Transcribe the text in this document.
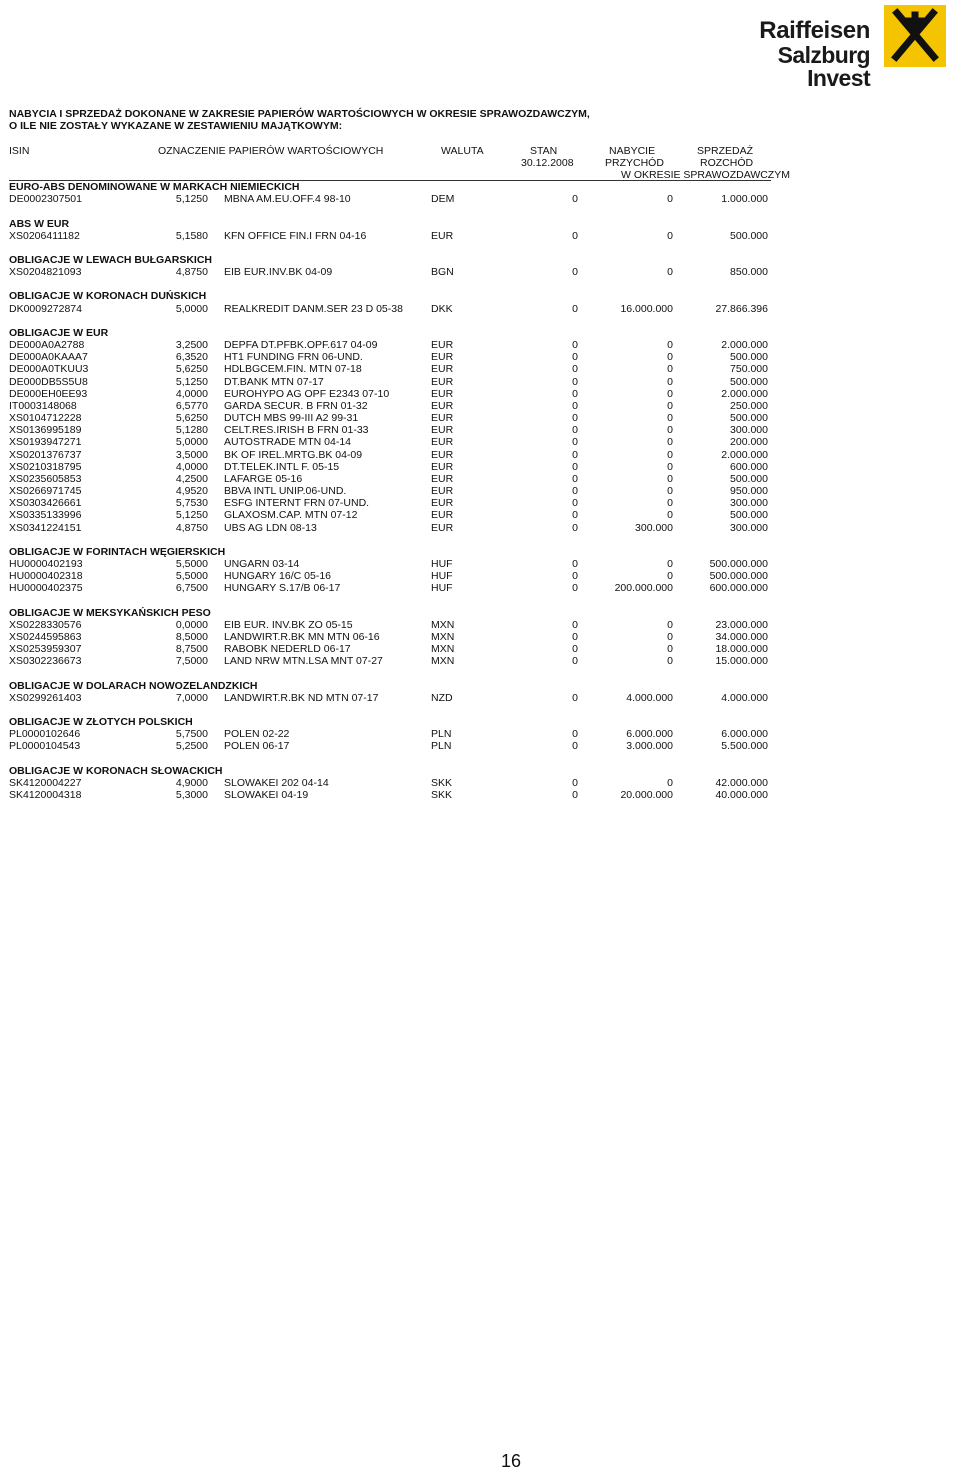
Raiffeisen
Salzburg Invest
NABYCIA I SPRZEDAŻ DOKONANE W ZAKRESIE PAPIERÓW WARTOŚCIOWYCH W OKRESIE SPRAWOZDAWCZYM,
O ILE NIE ZOSTAŁY WYKAZANE W ZESTAWIENIU MAJĄTKOWYM:
ISIN	OZNACZENIE PAPIERÓW WARTOŚCIOWYCH	WALUTA	STAN
30.12.2008
NABYCIE
PRZYCHÓD
SPRZEDAŻ
ROZCHÓD
W OKRESIE SPRAWOZDAWCZYM
EURO-ABS DENOMINOWANE W MARKACH NIEMIECKICH
DE0002307501	5,1250 MBNA AM.EU.OFF.4 98-10	DEM	0	0	1.000.000
ABS W EUR
XS0206411182	5,1580 KFN OFFICE FIN.I FRN 04-16	EUR	0	0	500.000
OBLIGACJE W LEWACH BUŁGARSKICH
XS0204821093	4,8750 EIB EUR.INV.BK 04-09	BGN	0	0	850.000
OBLIGACJE W KORONACH DUŃSKICH
DK0009272874	5,0000 REALKREDIT DANM.SER 23 D 05-38	DKK	0	16.000.000	27.866.396
OBLIGACJE W EUR
DE000A0A2788	3,2500 DEPFA DT.PFBK.OPF.617 04-09	EUR	0	0	2.000.000
DE000A0KAAA7	6,3520 HT1 FUNDING FRN 06-UND.	EUR	0	0	500.000
DE000A0TKUU3	5,6250 HDLBGCEM.FIN. MTN 07-18	EUR	0	0	750.000
DE000DB5S5U8	5,1250 DT.BANK MTN 07-17	EUR	0	0	500.000
DE000EH0EE93	4,0000 EUROHYPO AG OPF E2343 07-10	EUR	0	0	2.000.000
IT0003148068	6,5770 GARDA SECUR. B FRN 01-32	EUR	0	0	250.000
XS0104712228	5,6250 DUTCH MBS 99-III A2 99-31	EUR	0	0	500.000
XS0136995189	5,1280 CELT.RES.IRISH B FRN 01-33	EUR	0	0	300.000
XS0193947271	5,0000 AUTOSTRADE MTN 04-14	EUR	0	0	200.000
XS0201376737	3,5000 BK OF IREL.MRTG.BK 04-09	EUR	0	0	2.000.000
XS0210318795	4,0000 DT.TELEK.INTL F. 05-15	EUR	0	0	600.000
XS0235605853	4,2500 LAFARGE 05-16	EUR	0	0	500.000
XS0266971745	4,9520 BBVA INTL UNIP.06-UND.	EUR	0	0	950.000
XS0303426661	5,7530 ESFG INTERNT FRN 07-UND.	EUR	0	0	300.000
XS0335133996	5,1250 GLAXOSM.CAP. MTN 07-12	EUR	0	0	500.000
XS0341224151	4,8750 UBS AG LDN 08-13	EUR	0	300.000	300.000
OBLIGACJE W FORINTACH WĘGIERSKICH
HU0000402193	5,5000 UNGARN 03-14	HUF	0	0	500.000.000
HU0000402318	5,5000 HUNGARY 16/C 05-16	HUF	0	0	500.000.000
HU0000402375	6,7500 HUNGARY S.17/B 06-17	HUF	0	200.000.000	600.000.000
OBLIGACJE W MEKSYKAŃSKICH PESO
XS0228330576	0,0000 EIB EUR. INV.BK ZO 05-15	MXN	0	0	23.000.000
XS0244595863	8,5000 LANDWIRT.R.BK MN MTN 06-16	MXN	0	0	34.000.000
XS0253959307	8,7500 RABOBK NEDERLD 06-17	MXN	0	0	18.000.000
XS0302236673	7,5000 LAND NRW MTN.LSA MNT 07-27	MXN	0	0	15.000.000
OBLIGACJE W DOLARACH NOWOZELANDZKICH
XS0299261403	7,0000 LANDWIRT.R.BK ND MTN 07-17	NZD	0	4.000.000	4.000.000
OBLIGACJE W ZŁOTYCH POLSKICH
PL0000102646	5,7500 POLEN 02-22	PLN	0	6.000.000	6.000.000
PL0000104543	5,2500 POLEN 06-17	PLN	0	3.000.000	5.500.000
OBLIGACJE W KORONACH SŁOWACKICH
SK4120004227	4,9000 SLOWAKEI 202 04-14	SKK	0	0	42.000.000
SK4120004318	5,3000 SLOWAKEI 04-19	SKK	0	20.000.000	40.000.000
16
